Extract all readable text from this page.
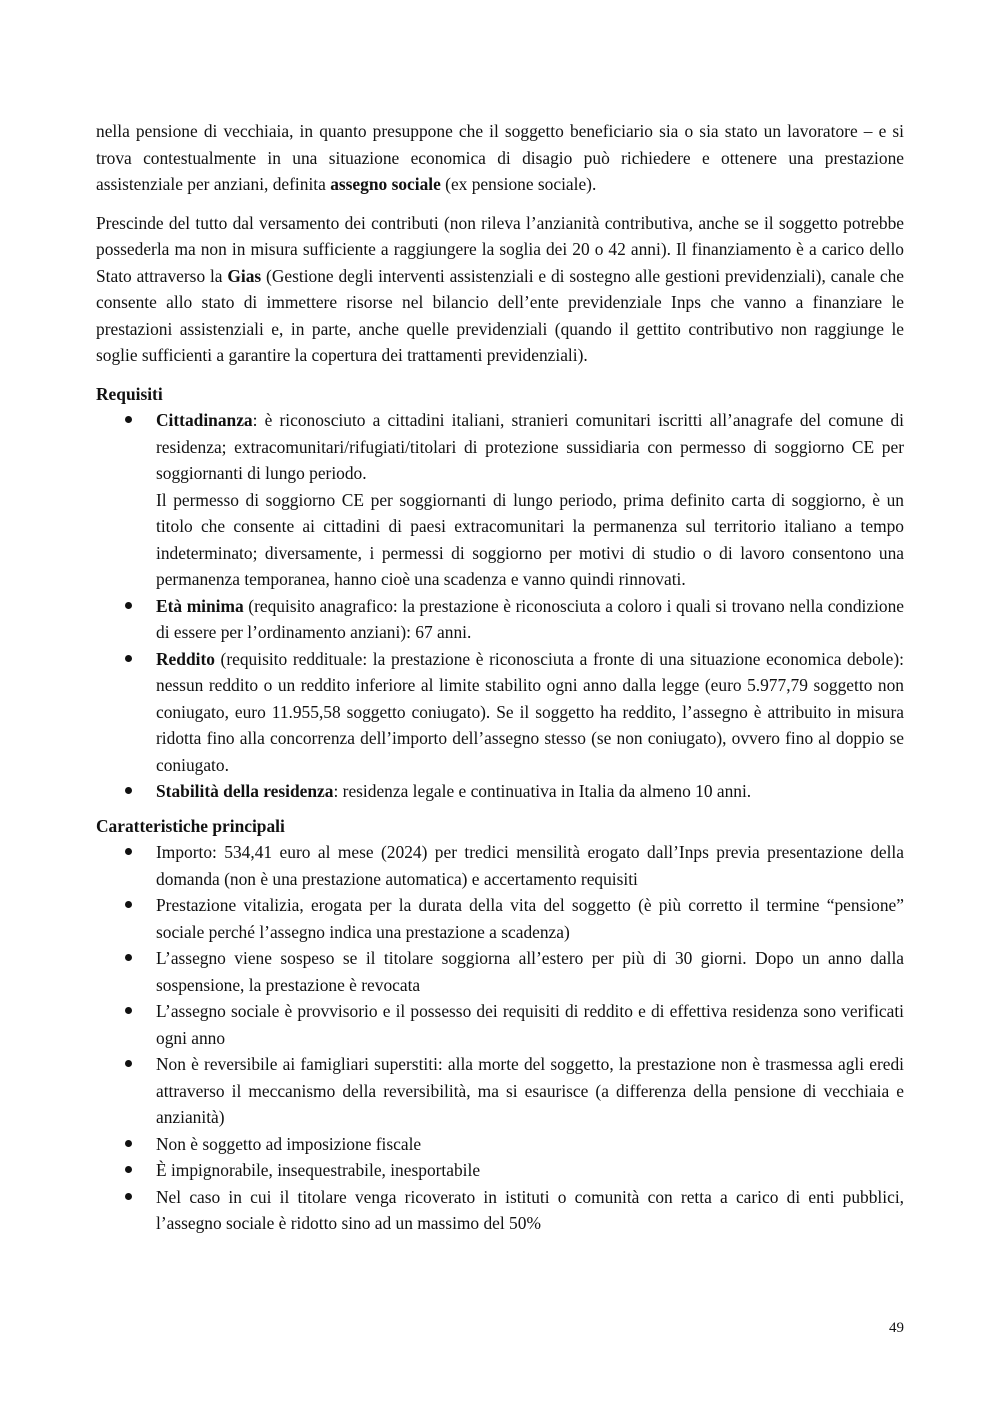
nella pensione di vecchiaia, in quanto presuppone che il soggetto beneficiario sia o sia stato un lavoratore – e si trova contestualmente in una situazione economica di disagio può richiedere e ottenere una prestazione assistenziale per anziani, definita assegno sociale (ex pensione sociale).

Prescinde del tutto dal versamento dei contributi (non rileva l’anzianità contributiva, anche se il soggetto potrebbe possederla ma non in misura sufficiente a raggiungere la soglia dei 20 o 42 anni). Il finanziamento è a carico dello Stato attraverso la Gias (Gestione degli interventi assistenziali e di sostegno alle gestioni previdenziali), canale che consente allo stato di immettere risorse nel bilancio dell’ente previdenziale Inps che vanno a finanziare le prestazioni assistenziali e, in parte, anche quelle previdenziali (quando il gettito contributivo non raggiunge le soglie sufficienti a garantire la copertura dei trattamenti previdenziali).

Requisiti
Cittadinanza: è riconosciuto a cittadini italiani, stranieri comunitari iscritti all’anagrafe del comune di residenza; extracomunitari/rifugiati/titolari di protezione sussidiaria con permesso di soggiorno CE per soggiornanti di lungo periodo.
Il permesso di soggiorno CE per soggiornanti di lungo periodo, prima definito carta di soggiorno, è un titolo che consente ai cittadini di paesi extracomunitari la permanenza sul territorio italiano a tempo indeterminato; diversamente, i permessi di soggiorno per motivi di studio o di lavoro consentono una permanenza temporanea, hanno cioè una scadenza e vanno quindi rinnovati.
Età minima (requisito anagrafico: la prestazione è riconosciuta a coloro i quali si trovano nella condizione di essere per l’ordinamento anziani): 67 anni.
Reddito (requisito reddituale: la prestazione è riconosciuta a fronte di una situazione economica debole): nessun reddito o un reddito inferiore al limite stabilito ogni anno dalla legge (euro 5.977,79 soggetto non coniugato, euro 11.955,58 soggetto coniugato). Se il soggetto ha reddito, l’assegno è attribuito in misura ridotta fino alla concorrenza dell’importo dell’assegno stesso (se non coniugato), ovvero fino al doppio se coniugato.
Stabilità della residenza: residenza legale e continuativa in Italia da almeno 10 anni.
Caratteristiche principali
Importo: 534,41 euro al mese (2024) per tredici mensilità erogato dall’Inps previa presentazione della domanda (non è una prestazione automatica) e accertamento requisiti
Prestazione vitalizia, erogata per la durata della vita del soggetto (è più corretto il termine “pensione” sociale perché l’assegno indica una prestazione a scadenza)
L’assegno viene sospeso se il titolare soggiorna all’estero per più di 30 giorni. Dopo un anno dalla sospensione, la prestazione è revocata
L’assegno sociale è provvisorio e il possesso dei requisiti di reddito e di effettiva residenza sono verificati ogni anno
Non è reversibile ai famigliari superstiti: alla morte del soggetto, la prestazione non è trasmessa agli eredi attraverso il meccanismo della reversibilità, ma si esaurisce (a differenza della pensione di vecchiaia e anzianità)
Non è soggetto ad imposizione fiscale
È impignorabile, insequestrabile, inesportabile
Nel caso in cui il titolare venga ricoverato in istituti o comunità con retta a carico di enti pubblici, l’assegno sociale è ridotto sino ad un massimo del 50%
49
